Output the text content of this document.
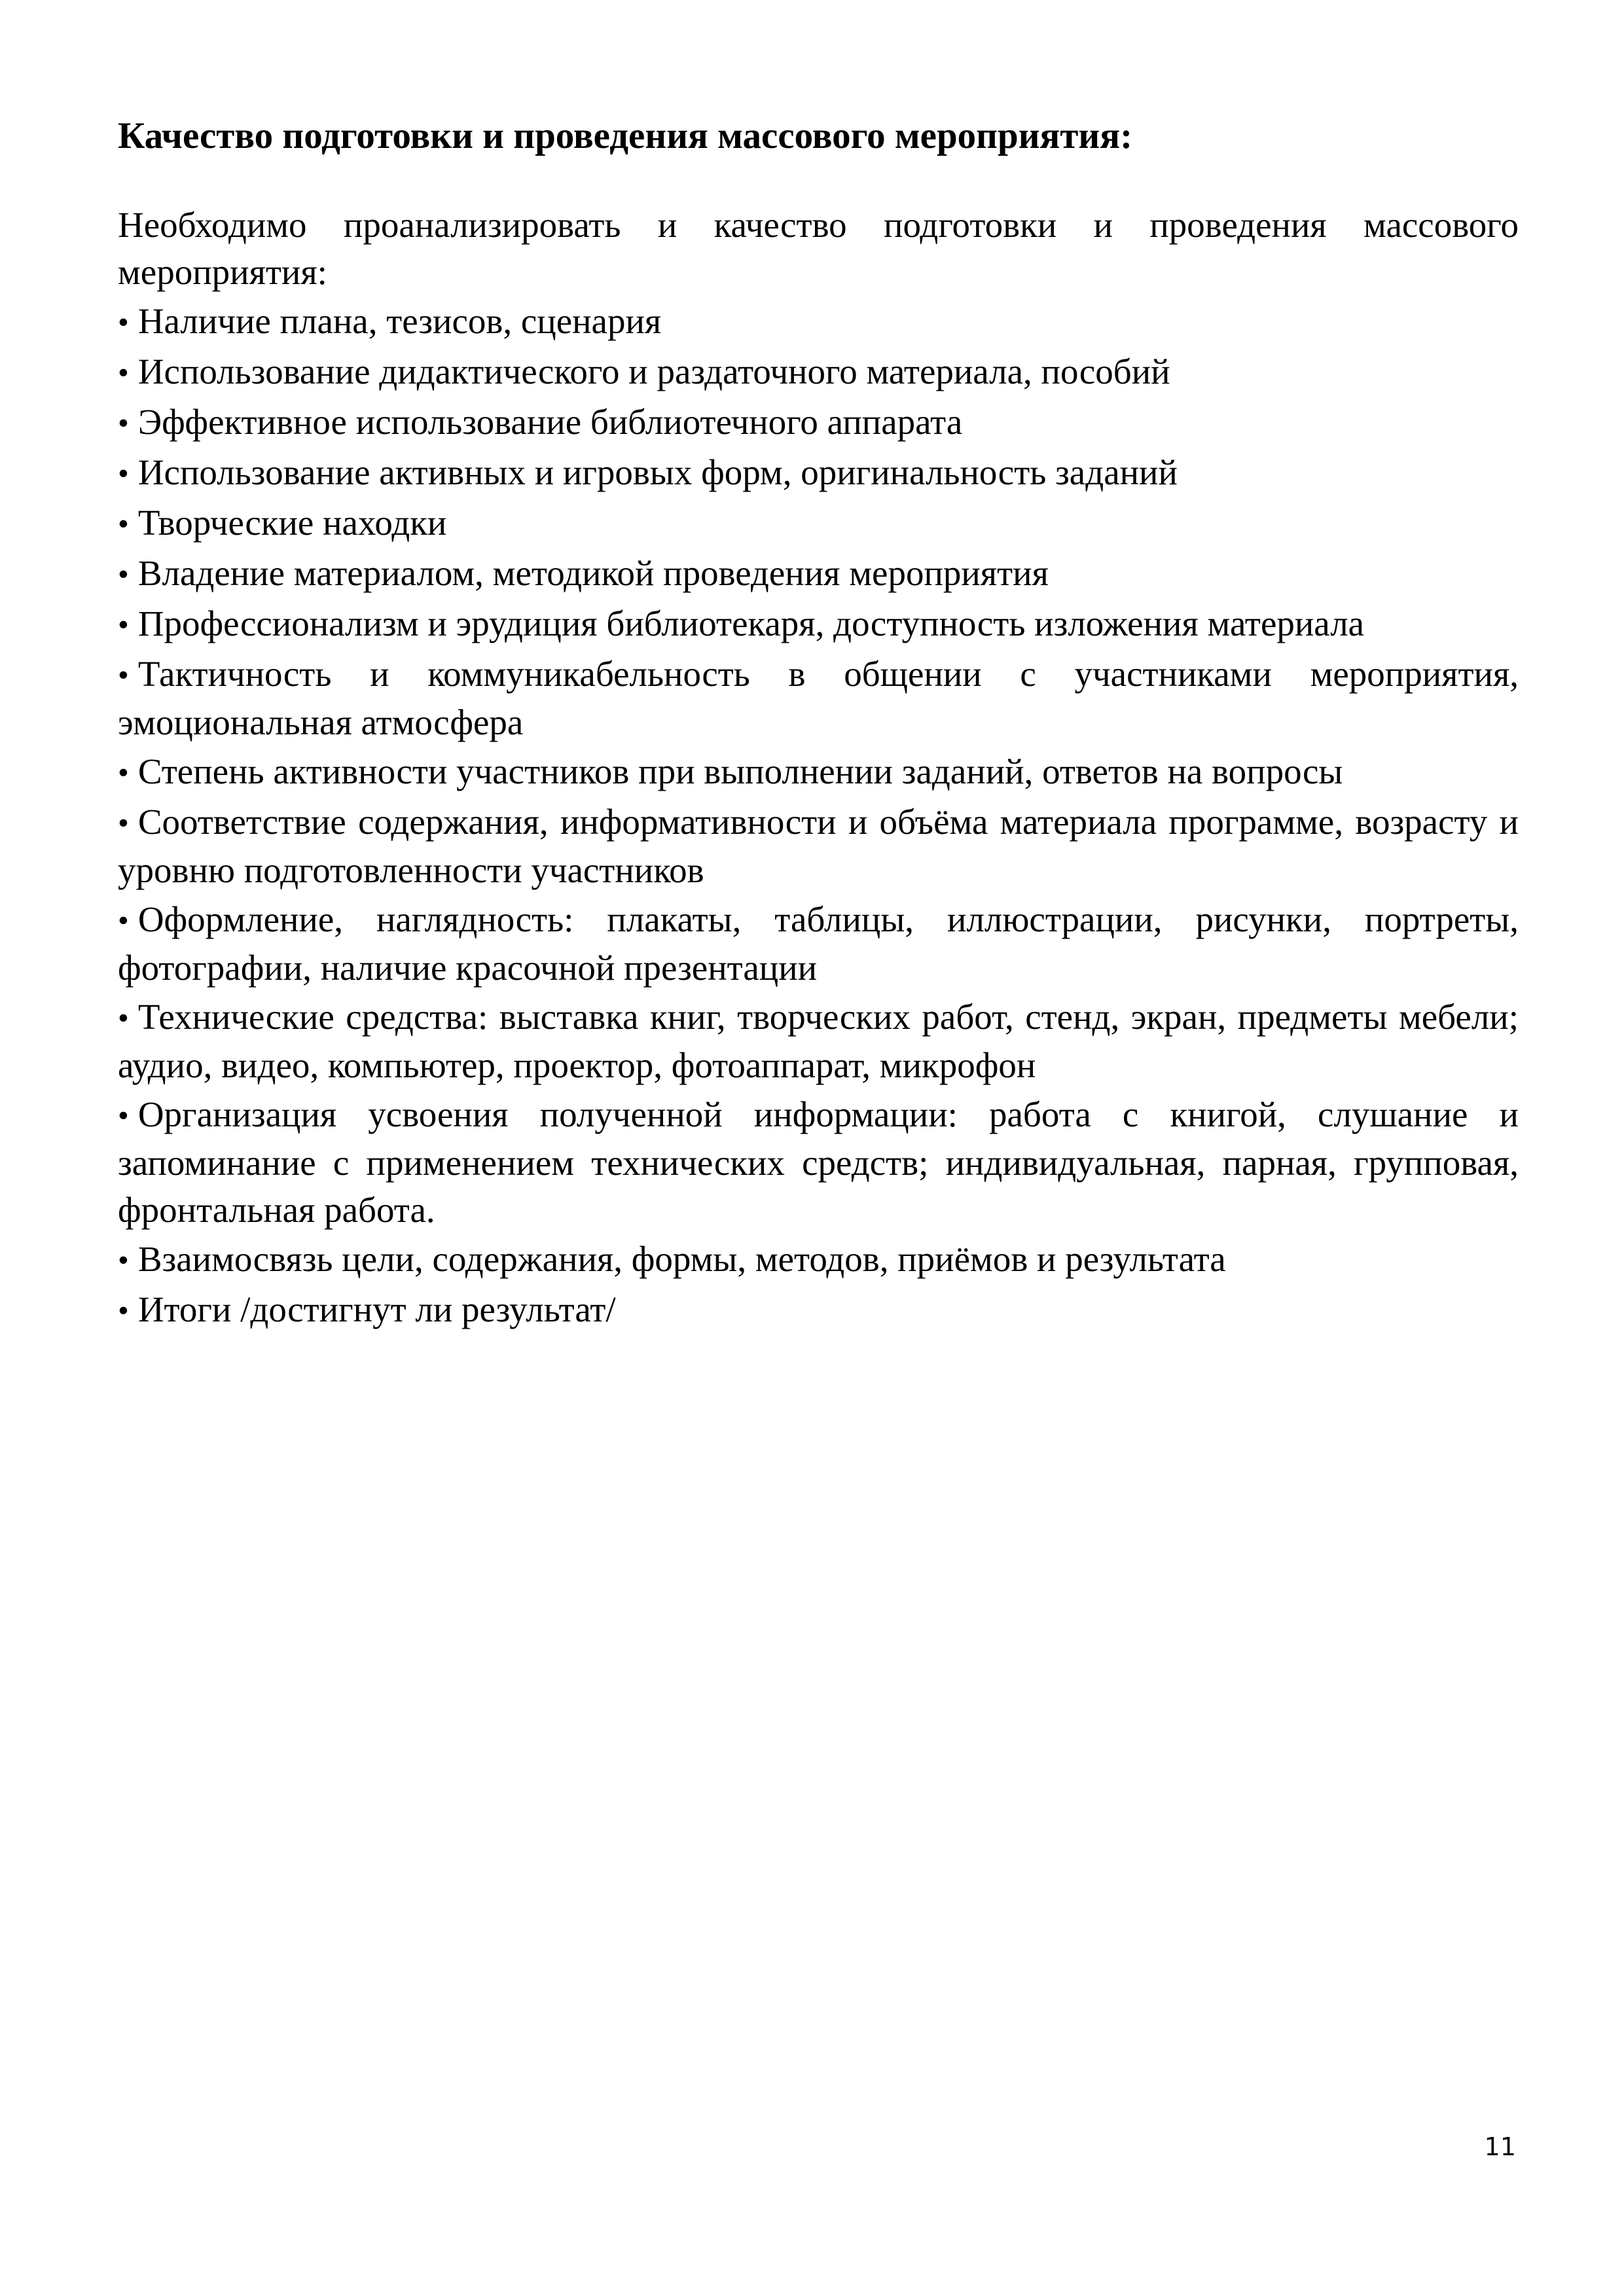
Качество подготовки и проведения массового мероприятия:

Необходимо проанализировать и качество подготовки и проведения массового мероприятия:

• Наличие плана, тезисов, сценария
• Использование дидактического и раздаточного материала, пособий
• Эффективное использование библиотечного аппарата
• Использование активных и игровых форм, оригинальность заданий
• Творческие находки
• Владение материалом, методикой проведения мероприятия
• Профессионализм и эрудиция библиотекаря, доступность изложения материала
• Тактичность и коммуникабельность в общении с участниками мероприятия, эмоциональная атмосфера
• Степень активности участников при выполнении заданий, ответов на вопросы
• Соответствие содержания, информативности и объёма материала программе, возрасту и уровню подготовленности участников
• Оформление, наглядность: плакаты, таблицы, иллюстрации, рисунки, портреты, фотографии, наличие красочной презентации
• Технические средства: выставка книг, творческих работ, стенд, экран, предметы мебели; аудио, видео, компьютер, проектор, фотоаппарат, микрофон
• Организация усвоения полученной информации: работа с книгой, слушание и запоминание с применением технических средств; индивидуальная, парная, групповая, фронтальная работа.
• Взаимосвязь цели, содержания, формы, методов, приёмов и результата
• Итоги /достигнут ли результат/
11
